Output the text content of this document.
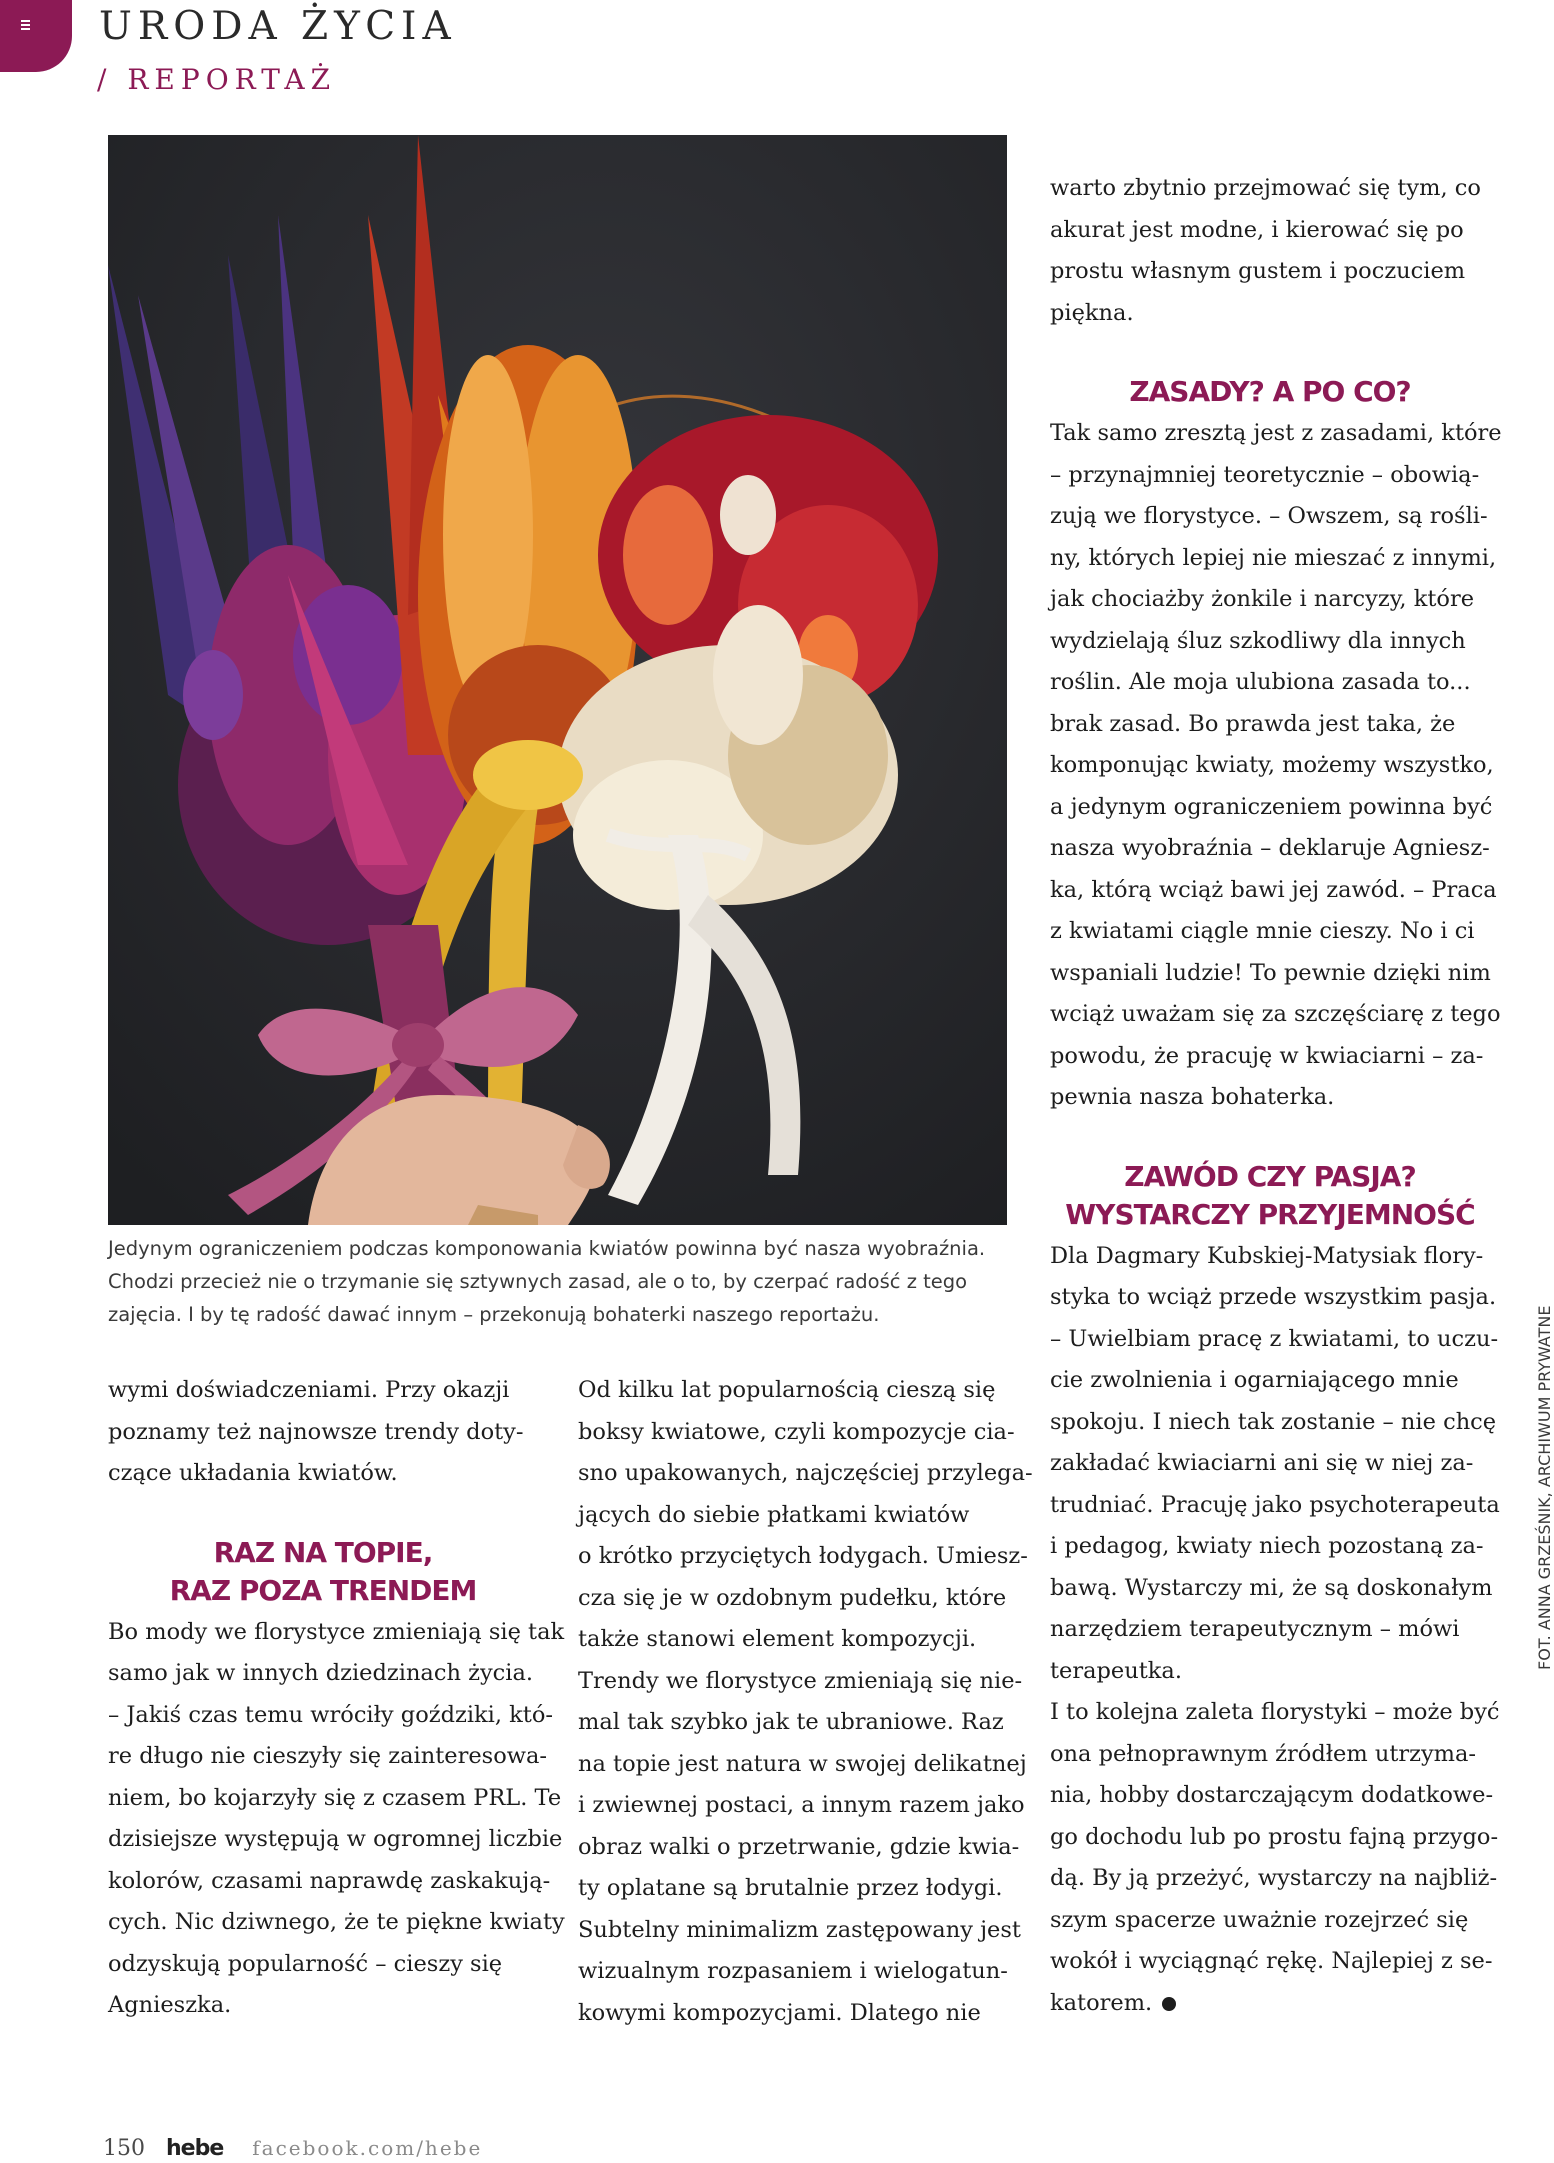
URODA ŻYCIA
/ REPORTAŻ
Jedynym ograniczeniem podczas komponowania kwiatów powinna być nasza wyobraźnia.
Chodzi przecież nie o trzymanie się sztywnych zasad, ale o to, by czerpać radość z tego
zajęcia. I by tę radość dawać innym – przekonują bohaterki naszego reportażu.
wymi doświadczeniami. Przy okazji
poznamy też najnowsze trendy doty-
czące układania kwiatów.
RAZ NA TOPIE,
RAZ POZA TRENDEM
Bo mody we florystyce zmieniają się tak
samo jak w innych dziedzinach życia.
– Jakiś czas temu wróciły goździki, któ-
re długo nie cieszyły się zainteresowa-
niem, bo kojarzyły się z czasem PRL. Te
dzisiejsze występują w ogromnej liczbie
kolorów, czasami naprawdę zaskakują-
cych. Nic dziwnego, że te piękne kwiaty
odzyskują popularność – cieszy się
Agnieszka.
Od kilku lat popularnością cieszą się
boksy kwiatowe, czyli kompozycje cia-
sno upakowanych, najczęściej przylega-
jących do siebie płatkami kwiatów
o krótko przyciętych łodygach. Umiesz-
cza się je w ozdobnym pudełku, które
także stanowi element kompozycji.
Trendy we florystyce zmieniają się nie-
mal tak szybko jak te ubraniowe. Raz
na topie jest natura w swojej delikatnej
i zwiewnej postaci, a innym razem jako
obraz walki o przetrwanie, gdzie kwia-
ty oplatane są brutalnie przez łodygi.
Subtelny minimalizm zastępowany jest
wizualnym rozpasaniem i wielogatun-
kowymi kompozycjami. Dlatego nie
warto zbytnio przejmować się tym, co
akurat jest modne, i kierować się po
prostu własnym gustem i poczuciem
piękna.
ZASADY? A PO CO?
Tak samo zresztą jest z zasadami, które
– przynajmniej teoretycznie – obowią-
zują we florystyce. – Owszem, są rośli-
ny, których lepiej nie mieszać z innymi,
jak chociażby żonkile i narcyzy, które
wydzielają śluz szkodliwy dla innych
roślin. Ale moja ulubiona zasada to...
brak zasad. Bo prawda jest taka, że
komponując kwiaty, możemy wszystko,
a jedynym ograniczeniem powinna być
nasza wyobraźnia – deklaruje Agniesz-
ka, którą wciąż bawi jej zawód. – Praca
z kwiatami ciągle mnie cieszy. No i ci
wspaniali ludzie! To pewnie dzięki nim
wciąż uważam się za szczęściarę z tego
powodu, że pracuję w kwiaciarni – za-
pewnia nasza bohaterka.
ZAWÓD CZY PASJA?
WYSTARCZY PRZYJEMNOŚĆ
Dla Dagmary Kubskiej-Matysiak flory-
styka to wciąż przede wszystkim pasja.
– Uwielbiam pracę z kwiatami, to uczu-
cie zwolnienia i ogarniającego mnie
spokoju. I niech tak zostanie – nie chcę
zakładać kwiaciarni ani się w niej za-
trudniać. Pracuję jako psychoterapeuta
i pedagog, kwiaty niech pozostaną za-
bawą. Wystarczy mi, że są doskonałym
narzędziem terapeutycznym – mówi
terapeutka.
I to kolejna zaleta florystyki – może być
ona pełnoprawnym źródłem utrzyma-
nia, hobby dostarczającym dodatkowe-
go dochodu lub po prostu fajną przygo-
dą. By ją przeżyć, wystarczy na najbliż-
szym spacerze uważnie rozejrzeć się
wokół i wyciągnąć rękę. Najlepiej z se-
katorem.
FOT. ANNA GRZEŚNIK, ARCHIWUM PRYWATNE
150 hebe facebook.com/hebe
